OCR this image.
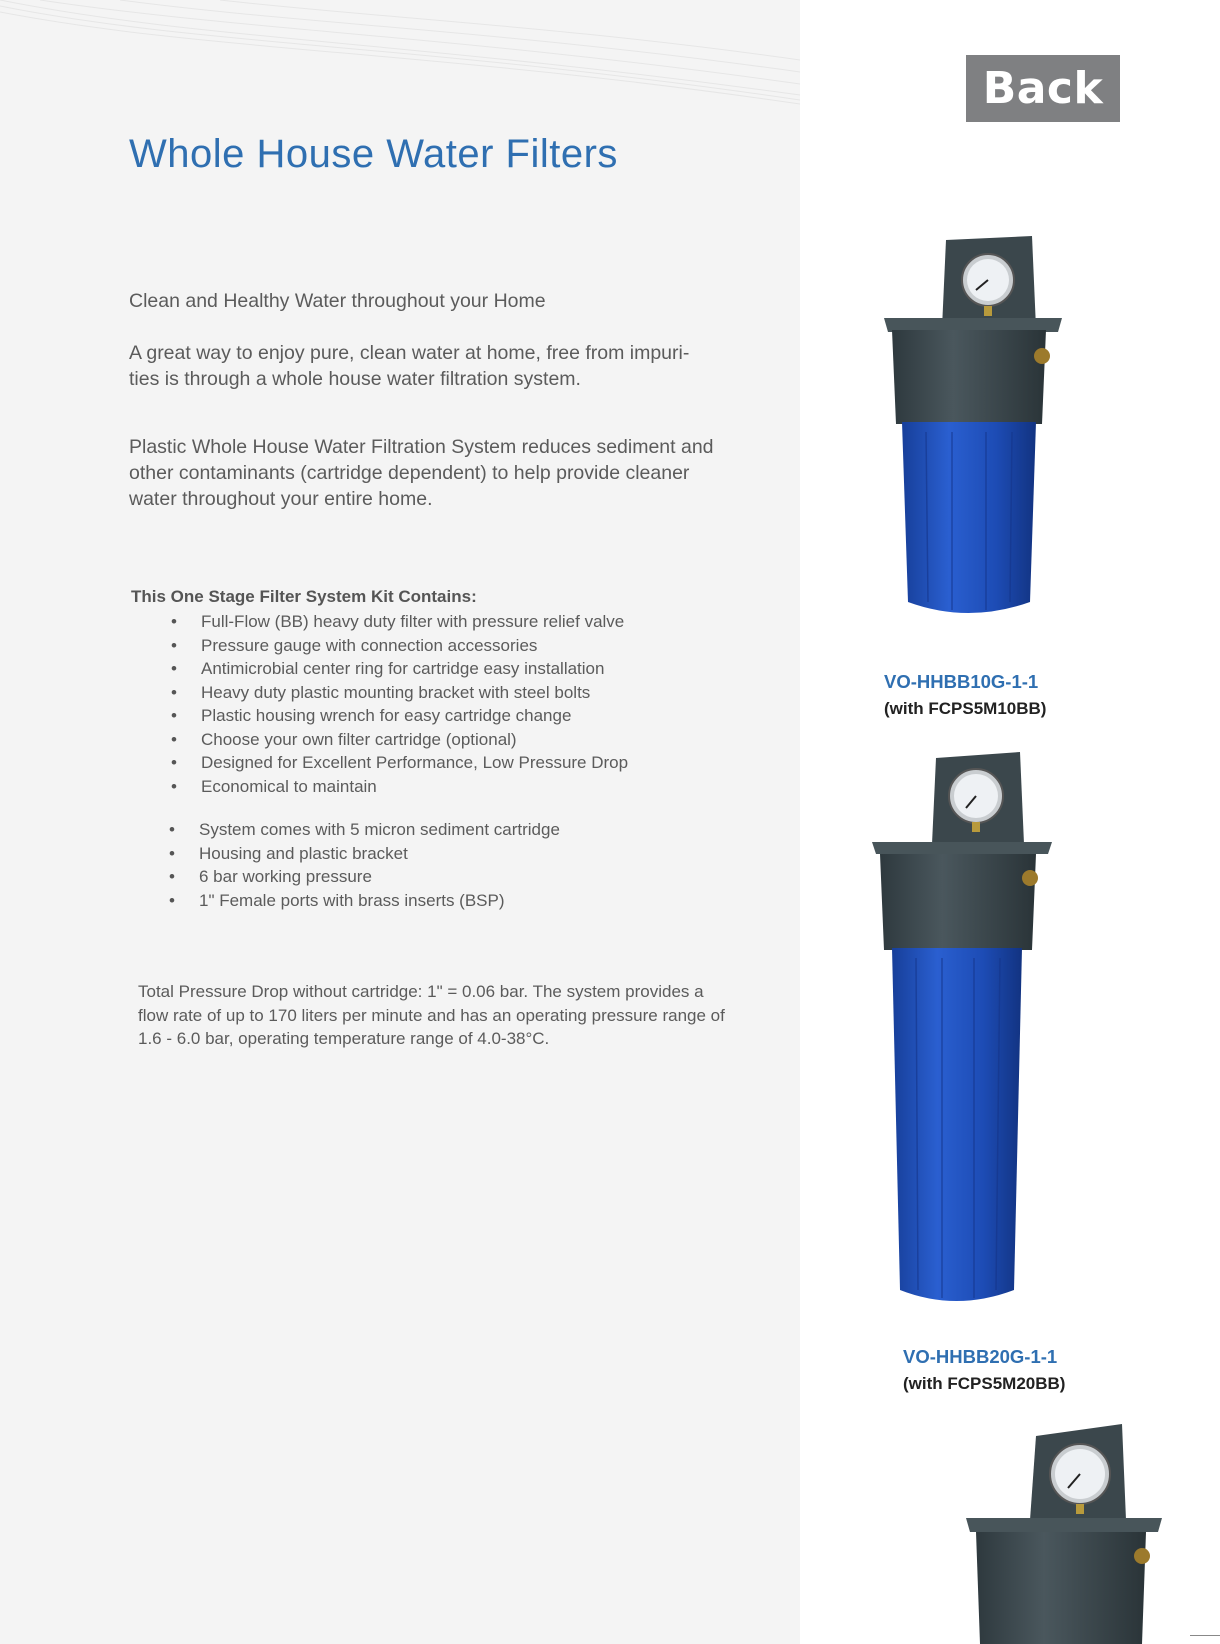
Whole House Water Filters

Clean and Healthy Water throughout your Home

A great way to enjoy pure, clean water at home, free from impuri-ties is through a whole house water filtration system.

Plastic Whole House Water Filtration System reduces sediment and other contaminants (cartridge dependent) to help provide cleaner water throughout your entire home.

This One Stage Filter System Kit Contains:
• Full-Flow (BB) heavy duty filter with pressure relief valve
• Pressure gauge with connection accessories
• Antimicrobial center ring for cartridge easy installation
• Heavy duty plastic mounting bracket with steel bolts
• Plastic housing wrench for easy cartridge change
• Choose your own filter cartridge (optional)
• Designed for Excellent Performance, Low Pressure Drop
• Economical to maintain
• System comes with 5 micron sediment cartridge
• Housing and plastic bracket
• 6 bar working pressure
• 1" Female ports with brass inserts (BSP)

Total Pressure Drop without cartridge: 1" = 0.06 bar. The system provides a flow rate of up to 170 liters per minute and has an operating pressure range of 1.6 - 6.0 bar, operating temperature range of 4.0-38°C.

Back
VO-HHBB10G-1-1
(with FCPS5M10BB)
VO-HHBB20G-1-1
(with FCPS5M20BB)
